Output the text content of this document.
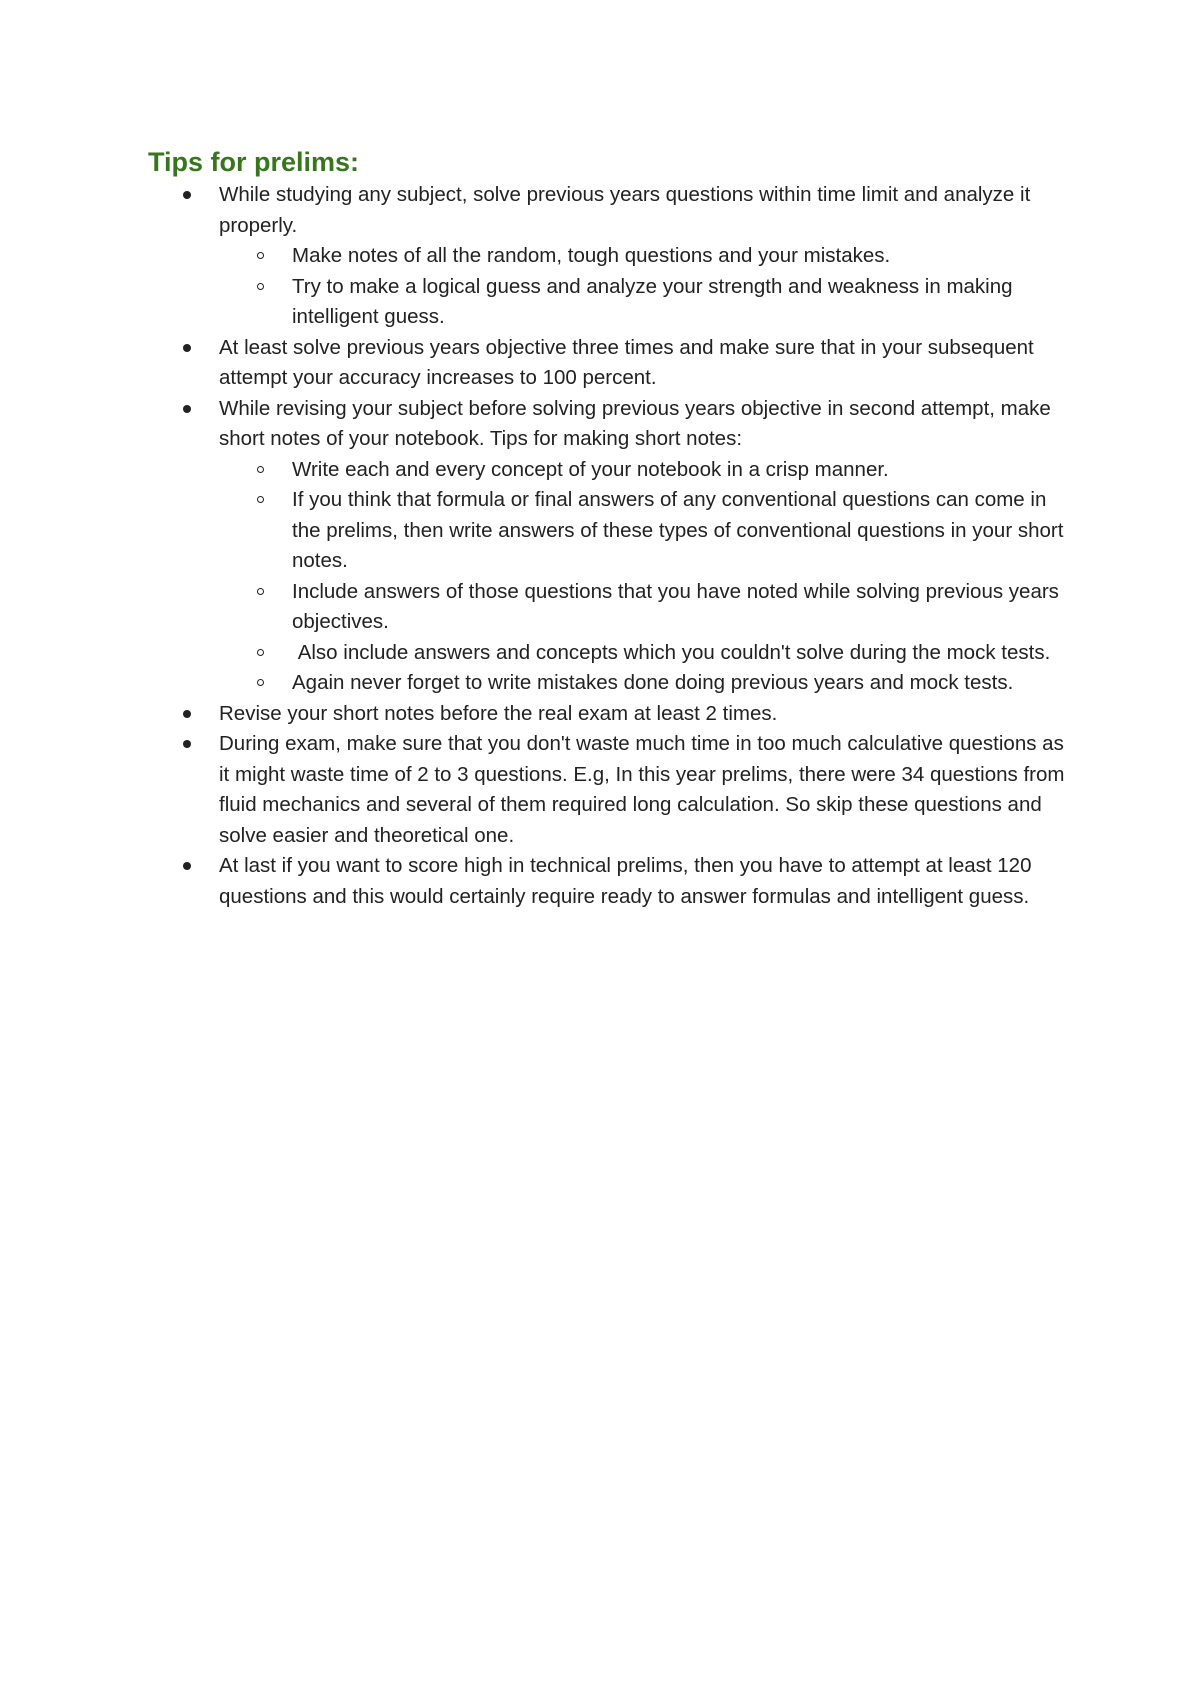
Tips for prelims:
While studying any subject, solve previous years questions within time limit and analyze it properly.
Make notes of all the random, tough questions and your mistakes.
Try to make a logical guess and analyze your strength and weakness in making intelligent guess.
At least solve previous years objective three times and make sure that in your subsequent attempt your accuracy increases to 100 percent.
While revising your subject before solving previous years objective in second attempt, make short notes of your notebook. Tips for making short notes:
Write each and every concept of your notebook in a crisp manner.
If you think that formula or final answers of any conventional questions can come in the prelims, then write answers of these types of conventional questions in your short notes.
Include answers of those questions that you have noted while solving previous years objectives.
Also include answers and concepts which you couldn't solve during the mock tests.
Again never forget to write mistakes done doing previous years and mock tests.
Revise your short notes before the real exam at least 2 times.
During exam, make sure that you don't waste much time in too much calculative questions as it might waste time of 2 to 3 questions. E.g, In this year prelims, there were 34 questions from fluid mechanics and several of them required long calculation. So skip these questions and solve easier and theoretical one.
At last if you want to score high in technical prelims, then you have to attempt at least 120 questions and this would certainly require ready to answer formulas and intelligent guess.
